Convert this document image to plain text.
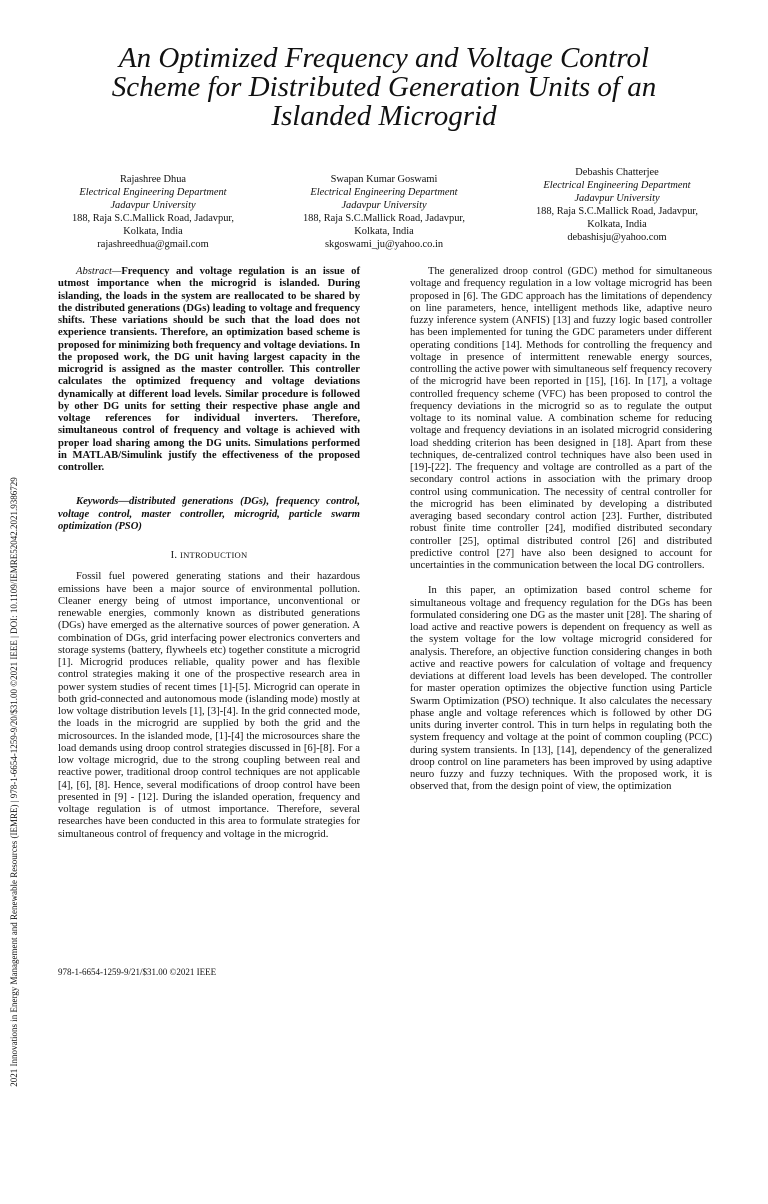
An Optimized Frequency and Voltage Control
Scheme for Distributed Generation Units of an
Islanded Microgrid
Rajashree Dhua
Electrical Engineering Department
Jadavpur University
188, Raja S.C.Mallick Road, Jadavpur,
Kolkata, India
rajashreedhua@gmail.com
Swapan Kumar Goswami
Electrical Engineering Department
Jadavpur University
188, Raja S.C.Mallick Road, Jadavpur,
Kolkata, India
skgoswami_ju@yahoo.co.in
Debashis Chatterjee
Electrical Engineering Department
Jadavpur University
188, Raja S.C.Mallick Road, Jadavpur,
Kolkata, India
debashisju@yahoo.com
2021 Innovations in Energy Management and Renewable Resources (IEMRE) | 978-1-6654-1259-9/20/$31.00 ©2021 IEEE | DOI: 10.1109/IEMRE52042.2021.9386729

Abstract—Frequency and voltage regulation is an issue of utmost importance when the microgrid is islanded. During islanding, the loads in the system are reallocated to be shared by the distributed generations (DGs) leading to voltage and frequency shifts. These variations should be such that the load does not experience transients. Therefore, an optimization based scheme is proposed for minimizing both frequency and voltage deviations. In the proposed work, the DG unit having largest capacity in the microgrid is assigned as the master controller. This controller calculates the optimized frequency and voltage deviations dynamically at different load levels. Similar procedure is followed by other DG units for setting their respective phase angle and voltage references for individual inverters. Therefore, simultaneous control of frequency and voltage is achieved with proper load sharing among the DG units. Simulations performed in MATLAB/Simulink justify the effectiveness of the proposed controller.

Keywords—distributed generations (DGs), frequency control, voltage control, master controller, microgrid, particle swarm optimization (PSO)

I. INTRODUCTION

Fossil fuel powered generating stations and their hazardous emissions have been a major source of environmental pollution. Cleaner energy being of utmost importance, unconventional or renewable energies, commonly known as distributed generations (DGs) have emerged as the alternative sources of power generation. A combination of DGs, grid interfacing power electronics converters and storage systems (battery, flywheels etc) together constitute a microgrid [1]. Microgrid produces reliable, quality power and has flexible control strategies making it one of the prospective research area in power system studies of recent times [1]-[5]. Microgrid can operate in both grid-connected and autonomous mode (islanding mode) mostly at low voltage distribution levels [1], [3]-[4]. In the grid connected mode, the loads in the microgrid are supplied by both the grid and the microsources. In the islanded mode, [1]-[4] the microsources share the load demands using droop control strategies discussed in [6]-[8]. For a low voltage microgrid, due to the strong coupling between real and reactive power, traditional droop control techniques are not applicable [4], [6], [8]. Hence, several modifications of droop control have been presented in [9] - [12]. During the islanded operation, frequency and voltage regulation is of utmost importance. Therefore, several researches have been conducted in this area to formulate strategies for simultaneous control of frequency and voltage in the microgrid.

The generalized droop control (GDC) method for simultaneous voltage and frequency regulation in a low voltage microgrid has been proposed in [6]. The GDC approach has the limitations of dependency on line parameters, hence, intelligent methods like, adaptive neuro fuzzy inference system (ANFIS) [13] and fuzzy logic based controller has been implemented for tuning the GDC parameters under different operating conditions [14]. Methods for controlling the frequency and voltage in presence of intermittent renewable energy sources, controlling the active power with simultaneous self frequency recovery of the microgrid have been reported in [15], [16]. In [17], a voltage controlled frequency scheme (VFC) has been proposed to control the frequency deviations in the microgrid so as to regulate the output voltage to its nominal value. A combination scheme for reducing voltage and frequency deviations in an isolated microgrid considering load shedding criterion has been designed in [18]. Apart from these techniques, de-centralized control techniques have also been used in [19]-[22]. The frequency and voltage are controlled as a part of the secondary control actions in association with the primary droop control using communication. The necessity of central controller for the microgrid has been eliminated by developing a distributed averaging based secondary control action [23]. Further, distributed robust finite time controller [24], modified distributed secondary controller [25], optimal distributed control [26] and distributed predictive control [27] have also been designed to account for uncertainties in the communication between the local DG controllers.

In this paper, an optimization based control scheme for simultaneous voltage and frequency regulation for the DGs has been formulated considering one DG as the master unit [28]. The sharing of load active and reactive powers is dependent on frequency as well as the system voltage for the low voltage microgrid considered for analysis. Therefore, an objective function considering changes in both active and reactive powers for calculation of voltage and frequency deviations at different load levels has been developed. The controller for master operation optimizes the objective function using Particle Swarm Optimization (PSO) technique. It also calculates the necessary phase angle and voltage references which is followed by other DG units during inverter control. This in turn helps in regulating both the system frequency and voltage at the point of common coupling (PCC) during system transients. In [13], [14], dependency of the generalized droop control on line parameters has been improved by using adaptive neuro fuzzy and fuzzy techniques. With the proposed work, it is observed that, from the design point of view, the optimization

978-1-6654-1259-9/21/$31.00 ©2021 IEEE
